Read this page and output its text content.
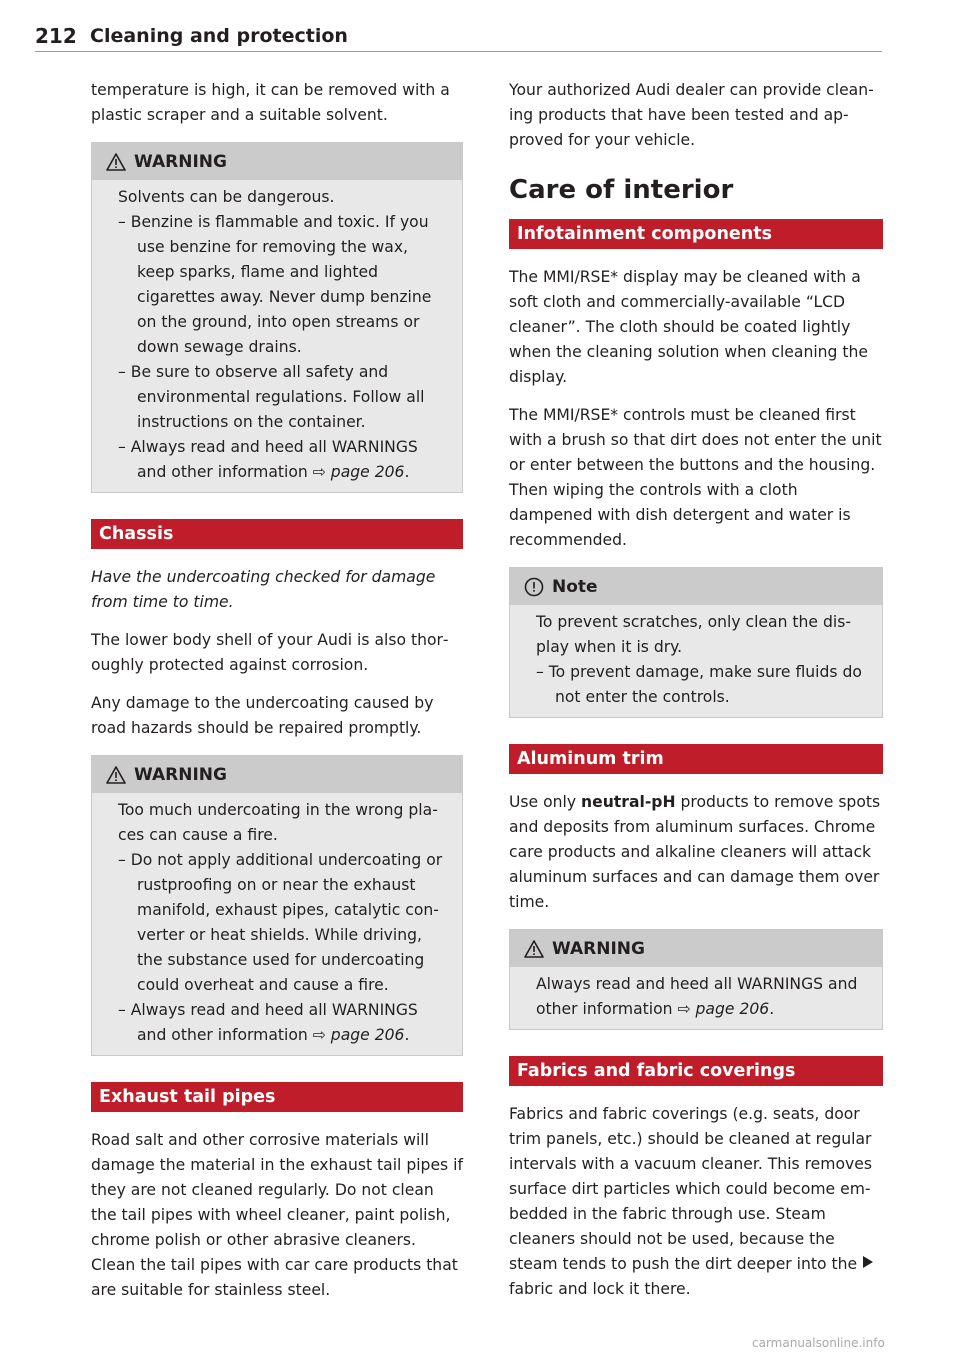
212 Cleaning and protection

temperature is high, it can be removed with a plastic scraper and a suitable solvent.

WARNING

Solvents can be dangerous.

– Benzine is flammable and toxic. If you use benzine for removing the wax, keep sparks, flame and lighted cigarettes away. Never dump benzine on the ground, into open streams or down sewage drains.

– Be sure to observe all safety and environmental regulations. Follow all instructions on the container.

– Always read and heed all WARNINGS and other information ⇨ page 206.

Chassis

Have the undercoating checked for damage from time to time.

The lower body shell of your Audi is also thoroughly protected against corrosion.

Any damage to the undercoating caused by road hazards should be repaired promptly.

WARNING

Too much undercoating in the wrong places can cause a fire.

– Do not apply additional undercoating or rustproofing on or near the exhaust manifold, exhaust pipes, catalytic converter or heat shields. While driving, the substance used for undercoating could overheat and cause a fire.

– Always read and heed all WARNINGS and other information ⇨ page 206.

Exhaust tail pipes

Road salt and other corrosive materials will damage the material in the exhaust tail pipes if they are not cleaned regularly. Do not clean the tail pipes with wheel cleaner, paint polish, chrome polish or other abrasive cleaners. Clean the tail pipes with car care products that are suitable for stainless steel.

Your authorized Audi dealer can provide cleaning products that have been tested and approved for your vehicle.

Care of interior
Infotainment components

The MMI/RSE* display may be cleaned with a soft cloth and commercially-available “LCD cleaner”. The cloth should be coated lightly when the cleaning solution when cleaning the display.

The MMI/RSE* controls must be cleaned first with a brush so that dirt does not enter the unit or enter between the buttons and the housing. Then wiping the controls with a cloth dampened with dish detergent and water is recommended.

Note

To prevent scratches, only clean the display when it is dry.

– To prevent damage, make sure fluids do not enter the controls.

Aluminum trim

Use only neutral-pH products to remove spots and deposits from aluminum surfaces. Chrome care products and alkaline cleaners will attack aluminum surfaces and can damage them over time.

WARNING

Always read and heed all WARNINGS and other information ⇨ page 206.

Fabrics and fabric coverings

Fabrics and fabric coverings (e.g. seats, door trim panels, etc.) should be cleaned at regular intervals with a vacuum cleaner. This removes surface dirt particles which could become embedded in the fabric through use. Steam cleaners should not be used, because the steam tends to push the dirt deeper into the fabric and lock it there.

carmanualsonline.info
